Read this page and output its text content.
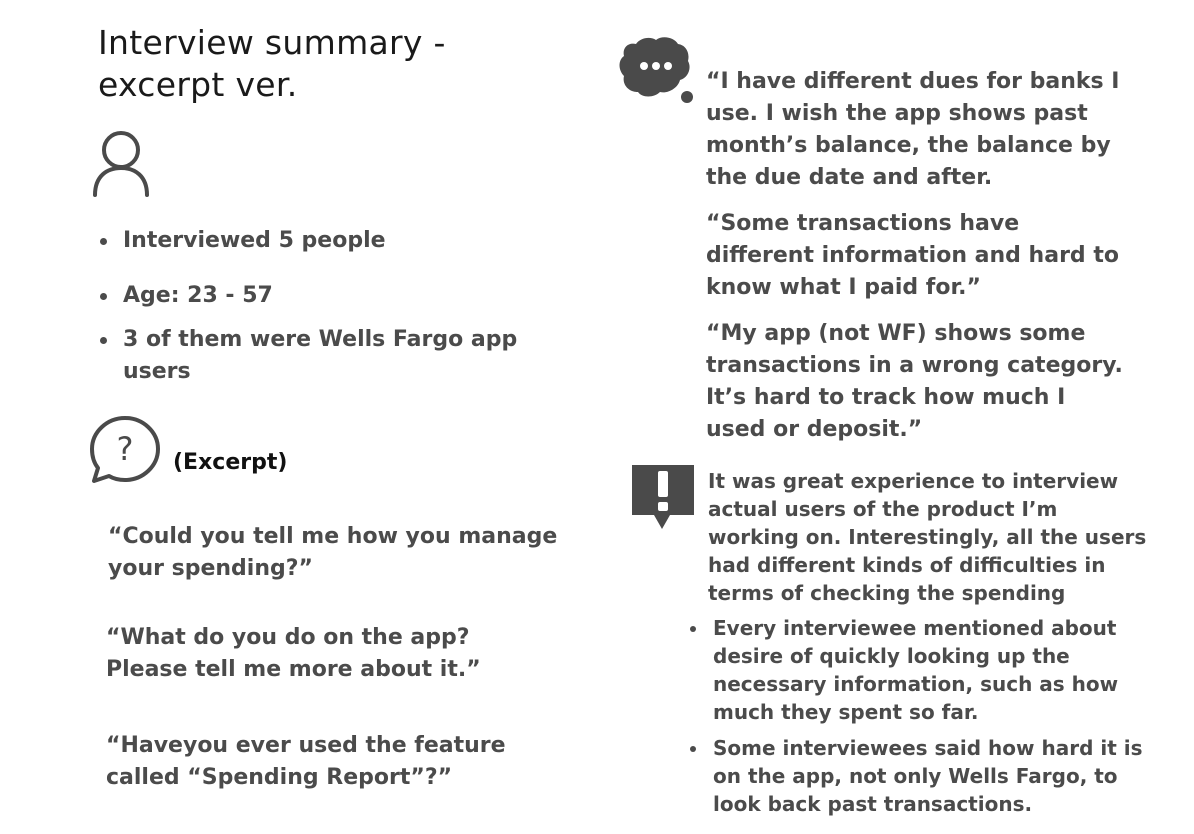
Interview summary -
excerpt ver.
Interviewed 5 people
Age: 23 - 57
3 of them were Wells Fargo app
users
? (Excerpt)
“Could you tell me how you manage
your spending?”
“What do you do on the app?
Please tell me more about it.”
“Haveyou ever used the feature
called “Spending Report”?”
“I have different dues for banks I
use. I wish the app shows past
month’s balance, the balance by
the due date and after.
“Some transactions have
different information and hard to
know what I paid for.”
“My app (not WF) shows some
transactions in a wrong category.
It’s hard to track how much I
used or deposit.”
It was great experience to interview
actual users of the product I’m
working on. Interestingly, all the users
had different kinds of difficulties in
terms of checking the spending
Every interviewee mentioned about
desire of quickly looking up the
necessary information, such as how
much they spent so far.
Some interviewees said how hard it is
on the app, not only Wells Fargo, to
look back past transactions.
